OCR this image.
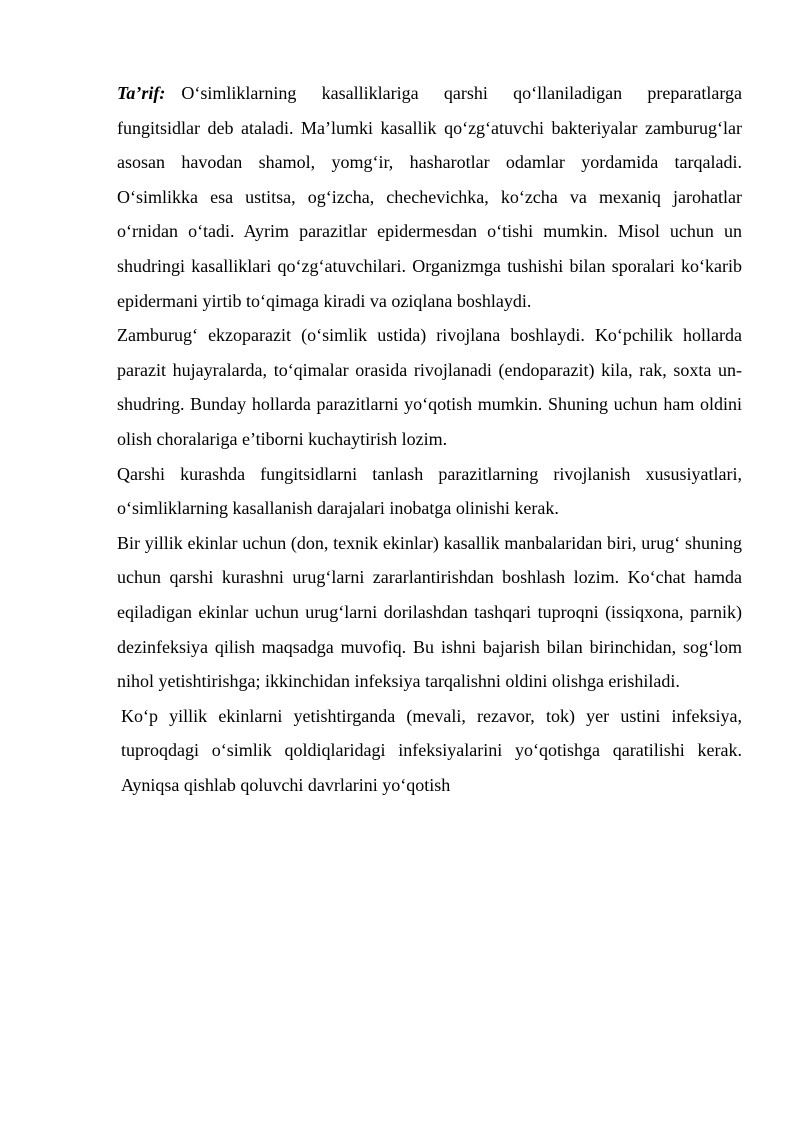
Ta’rif: O‘simliklarning kasalliklariga qarshi qo‘llaniladigan preparatlarga fungitsidlar deb ataladi. Ma’lumki kasallik qo‘zg‘atuvchi bakteriyalar zamburug‘lar asosan havodan shamol, yomg‘ir, hasharotlar odamlar yordamida tarqaladi. O‘simlikka esa ustitsa, og‘izcha, chechevichka, ko‘zcha va mexaniq jarohatlar o‘rnidan o‘tadi. Ayrim parazitlar epidermesdan o‘tishi mumkin. Misol uchun un shudringi kasalliklari qo‘zg‘atuvchilari. Organizmga tushishi bilan sporalari ko‘karib epidermani yirtib to‘qimaga kiradi va oziqlana boshlaydi.

Zamburug‘ ekzoparazit (o‘simlik ustida) rivojlana boshlaydi. Ko‘pchilik hollarda parazit hujayralarda, to‘qimalar orasida rivojlanadi (endoparazit) kila, rak, soxta un-shudring. Bunday hollarda parazitlarni yo‘qotish mumkin. Shuning uchun ham oldini olish choralariga e’tiborni kuchaytirish lozim.

Qarshi kurashda fungitsidlarni tanlash parazitlarning rivojlanish xususiyatlari, o‘simliklarning kasallanish darajalari inobatga olinishi kerak.

Bir yillik ekinlar uchun (don, texnik ekinlar) kasallik manbalaridan biri, urug‘ shuning uchun qarshi kurashni urug‘larni zararlantirishdan boshlash lozim. Ko‘chat hamda eqiladigan ekinlar uchun urug‘larni dorilashdan tashqari tuproqni (issiqxona, parnik) dezinfeksiya qilish maqsadga muvofiq. Bu ishni bajarish bilan birinchidan, sog‘lom nihol yetishtirishga; ikkinchidan infeksiya tarqalishni oldini olishga erishiladi.

Ko‘p yillik ekinlarni yetishtirganda (mevali, rezavor, tok) yer ustini infeksiya, tuproqdagi o‘simlik qoldiqlaridagi infeksiyalarini yo‘qotishga qaratilishi kerak. Ayniqsa qishlab qoluvchi davrlarini yo‘qotish
